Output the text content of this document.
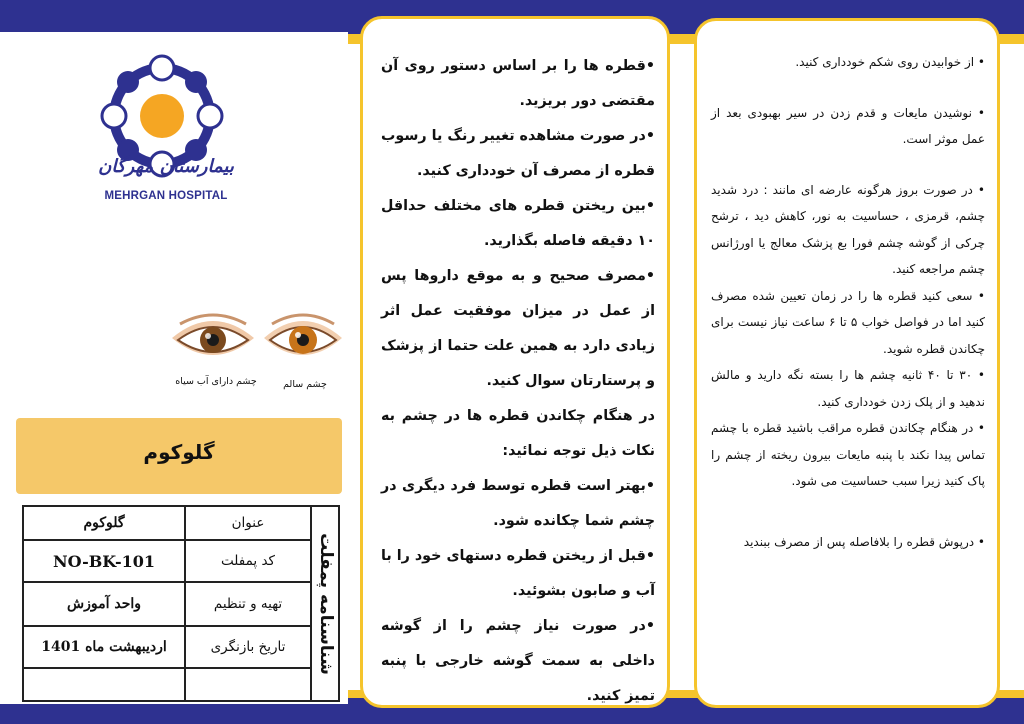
بیمارستان مهرگان
MEHRGAN HOSPITAL
چشم دارای آب سیاه	چشم سالم
گلوکوم
شناسنامه پمفلت
عنوان
گلوکوم
کد پمفلت
NO-BK-101
تهیه و تنظیم
واحد آموزش
تاریخ بازنگری
اردیبهشت ماه 1401

•قطره ها را بر اساس دستور روی آن مقتضی دور بریزید.

•در صورت مشاهده تغییر رنگ یا رسوب قطره از مصرف آن خودداری کنید.

•بین ریختن قطره های مختلف حداقل ۱۰ دقیقه فاصله بگذارید.

•مصرف صحیح و به موقع داروها پس از عمل در میزان موفقیت عمل اثر زیادی دارد به همین علت حتما از پزشک و پرستارتان سوال کنید.

در هنگام چکاندن قطره ها در چشم به نکات ذیل توجه نمائید:

•بهتر است قطره توسط فرد دیگری در چشم شما چکانده شود.

•قبل از ریختن قطره دستهای خود را با آب و صابون بشوئید.

•در صورت نیاز چشم را از گوشه داخلی به سمت گوشه خارجی با پنبه تمیز کنید.

• از خوابیدن روی شکم خودداری کنید.

• نوشیدن مایعات و قدم زدن در سیر بهبودی بعد از عمل موثر است.

• در صورت بروز هرگونه عارضه ای مانند : درد شدید چشم، قرمزی ، حساسیت به نور، کاهش دید ، ترشح چرکی از گوشه چشم فورا بع پزشک معالج یا اورژانس چشم مراجعه کنید.

• سعی کنید قطره ها را در زمان تعیین شده مصرف کنید اما در فواصل خواب ۵ تا ۶ ساعت نیاز نیست برای چکاندن قطره شوید.

• ۳۰ تا ۴۰ ثانیه چشم ها را بسته نگه دارید و مالش ندهید و از پلک زدن خودداری کنید.

• در هنگام چکاندن قطره مراقب باشید قطره با چشم تماس پیدا نکند با پنبه مایعات بیرون ریخته از چشم را پاک کنید زیرا سبب حساسیت می شود.

• درپوش قطره را بلافاصله پس از مصرف ببندید
